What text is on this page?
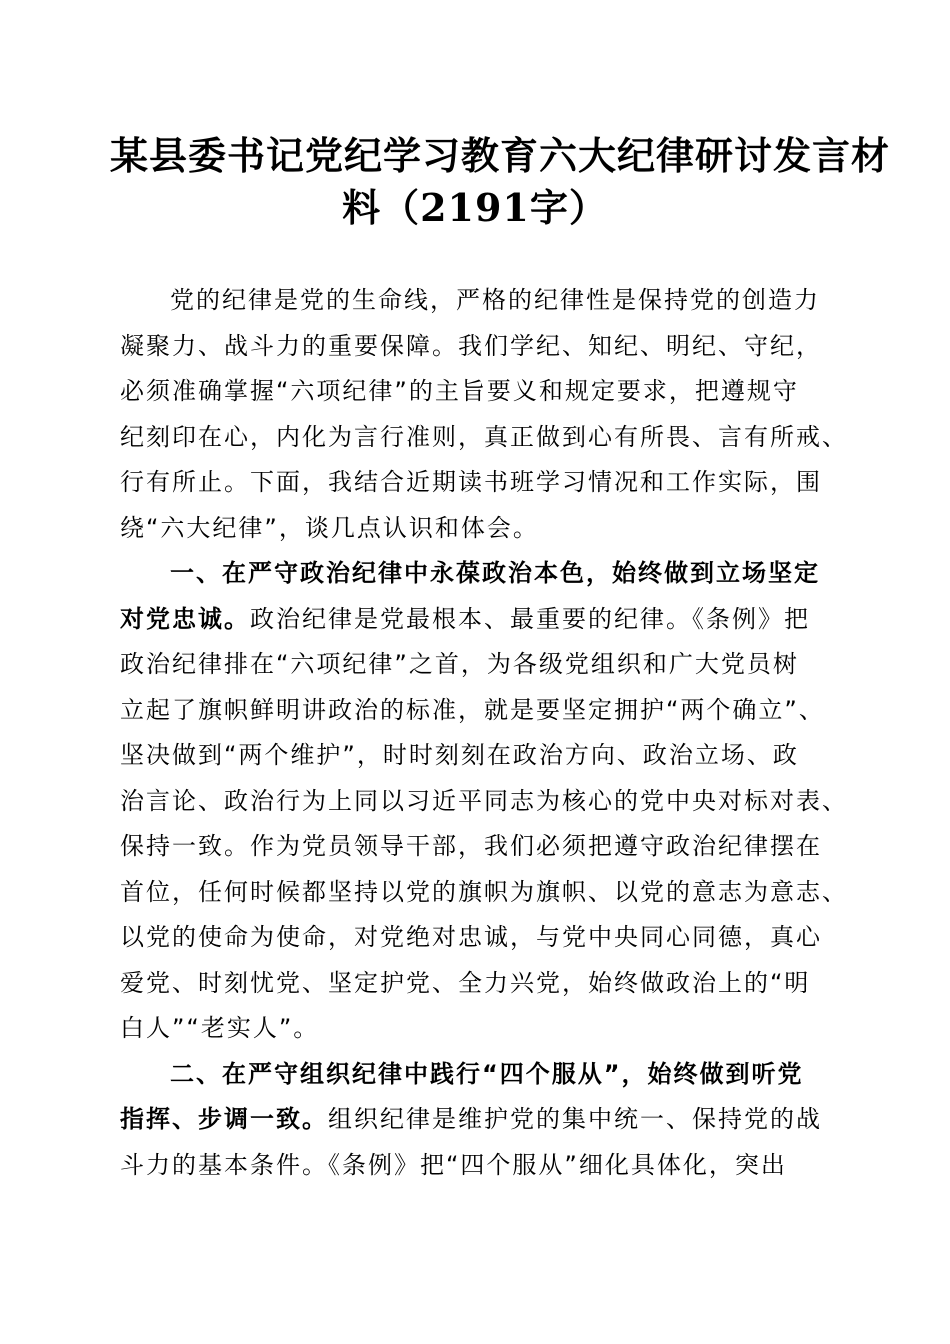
某县委书记党纪学习教育六大纪律研讨发言材
料（2191字）
党的纪律是党的生命线，严格的纪律性是保持党的创造力
凝聚力、战斗力的重要保障。我们学纪、知纪、明纪、守纪，
必须准确掌握“六项纪律”的主旨要义和规定要求，把遵规守
纪刻印在心，内化为言行准则，真正做到心有所畏、言有所戒、
行有所止。下面，我结合近期读书班学习情况和工作实际，围
绕“六大纪律”，谈几点认识和体会。
一、在严守政治纪律中永葆政治本色，始终做到立场坚定
对党忠诚。政治纪律是党最根本、最重要的纪律。《条例》把
政治纪律排在“六项纪律”之首，为各级党组织和广大党员树
立起了旗帜鲜明讲政治的标准，就是要坚定拥护“两个确立”、
坚决做到“两个维护”，时时刻刻在政治方向、政治立场、政
治言论、政治行为上同以习近平同志为核心的党中央对标对表、
保持一致。作为党员领导干部，我们必须把遵守政治纪律摆在
首位，任何时候都坚持以党的旗帜为旗帜、以党的意志为意志、
以党的使命为使命，对党绝对忠诚，与党中央同心同德，真心
爱党、时刻忧党、坚定护党、全力兴党，始终做政治上的“明
白人”“老实人”。
二、在严守组织纪律中践行“四个服从”，始终做到听党
指挥、步调一致。组织纪律是维护党的集中统一、保持党的战
斗力的基本条件。《条例》把“四个服从”细化具体化，突出
